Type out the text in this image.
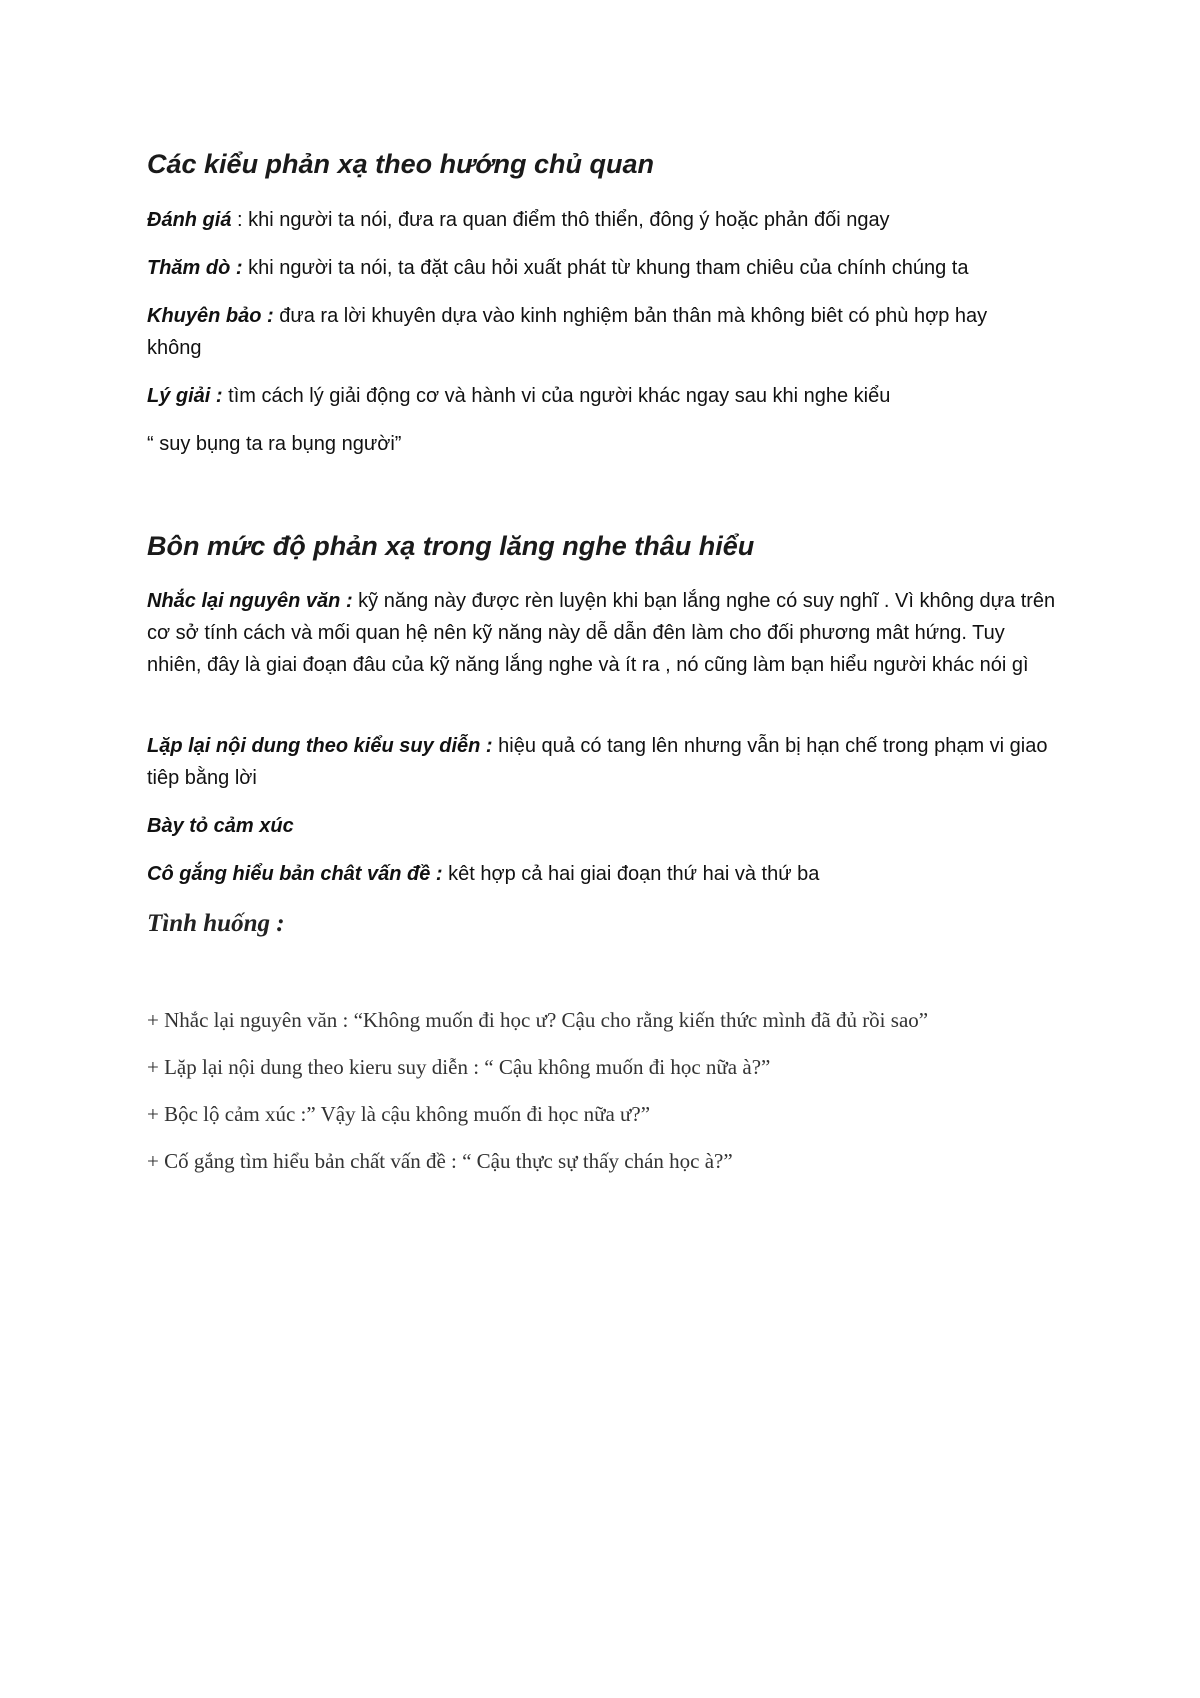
Các kiểu phản xạ theo hướng chủ quan

Đánh giá : khi người ta nói, đưa ra quan điểm thô thiển, đông ý hoặc phản đối ngay

Thăm dò : khi người ta nói, ta đặt câu hỏi xuất phát từ khung tham chiêu của chính chúng ta

Khuyên bảo : đưa ra lời khuyên dựa vào kinh nghiệm bản thân mà không biêt có phù hợp hay không

Lý giải : tìm cách lý giải động cơ và hành vi của người khác ngay sau khi nghe kiểu

“ suy bụng ta ra bụng người”

Bôn mức độ phản xạ trong lăng nghe thâu hiểu

Nhắc lại nguyên văn : kỹ năng này được rèn luyện khi bạn lắng nghe có suy nghĩ . Vì không dựa trên cơ sở tính cách và mối quan hệ nên kỹ năng này dễ dẫn đên làm cho đối phương mât hứng. Tuy nhiên, đây là giai đoạn đâu của kỹ năng lắng nghe và ít ra , nó cũng làm bạn hiểu người khác nói gì

Lặp lại nội dung theo kiểu suy diễn : hiệu quả có tang lên nhưng vẫn bị hạn chế trong phạm vi giao tiêp bằng lời

Bày tỏ cảm xúc

Cô gắng hiểu bản chât vấn đề : kêt hợp cả hai giai đoạn thứ hai và thứ ba

Tình huống :

+ Nhắc lại nguyên văn : “Không muốn đi học ư? Cậu cho rằng kiến thức mình đã đủ rồi sao”

+ Lặp lại nội dung theo kieru suy diễn : “ Cậu không muốn đi học nữa à?”

+ Bộc lộ cảm xúc :” Vậy là cậu không muốn đi học nữa ư?”

+ Cố gắng tìm hiểu bản chất vấn đề : “ Cậu thực sự thấy chán học à?”
